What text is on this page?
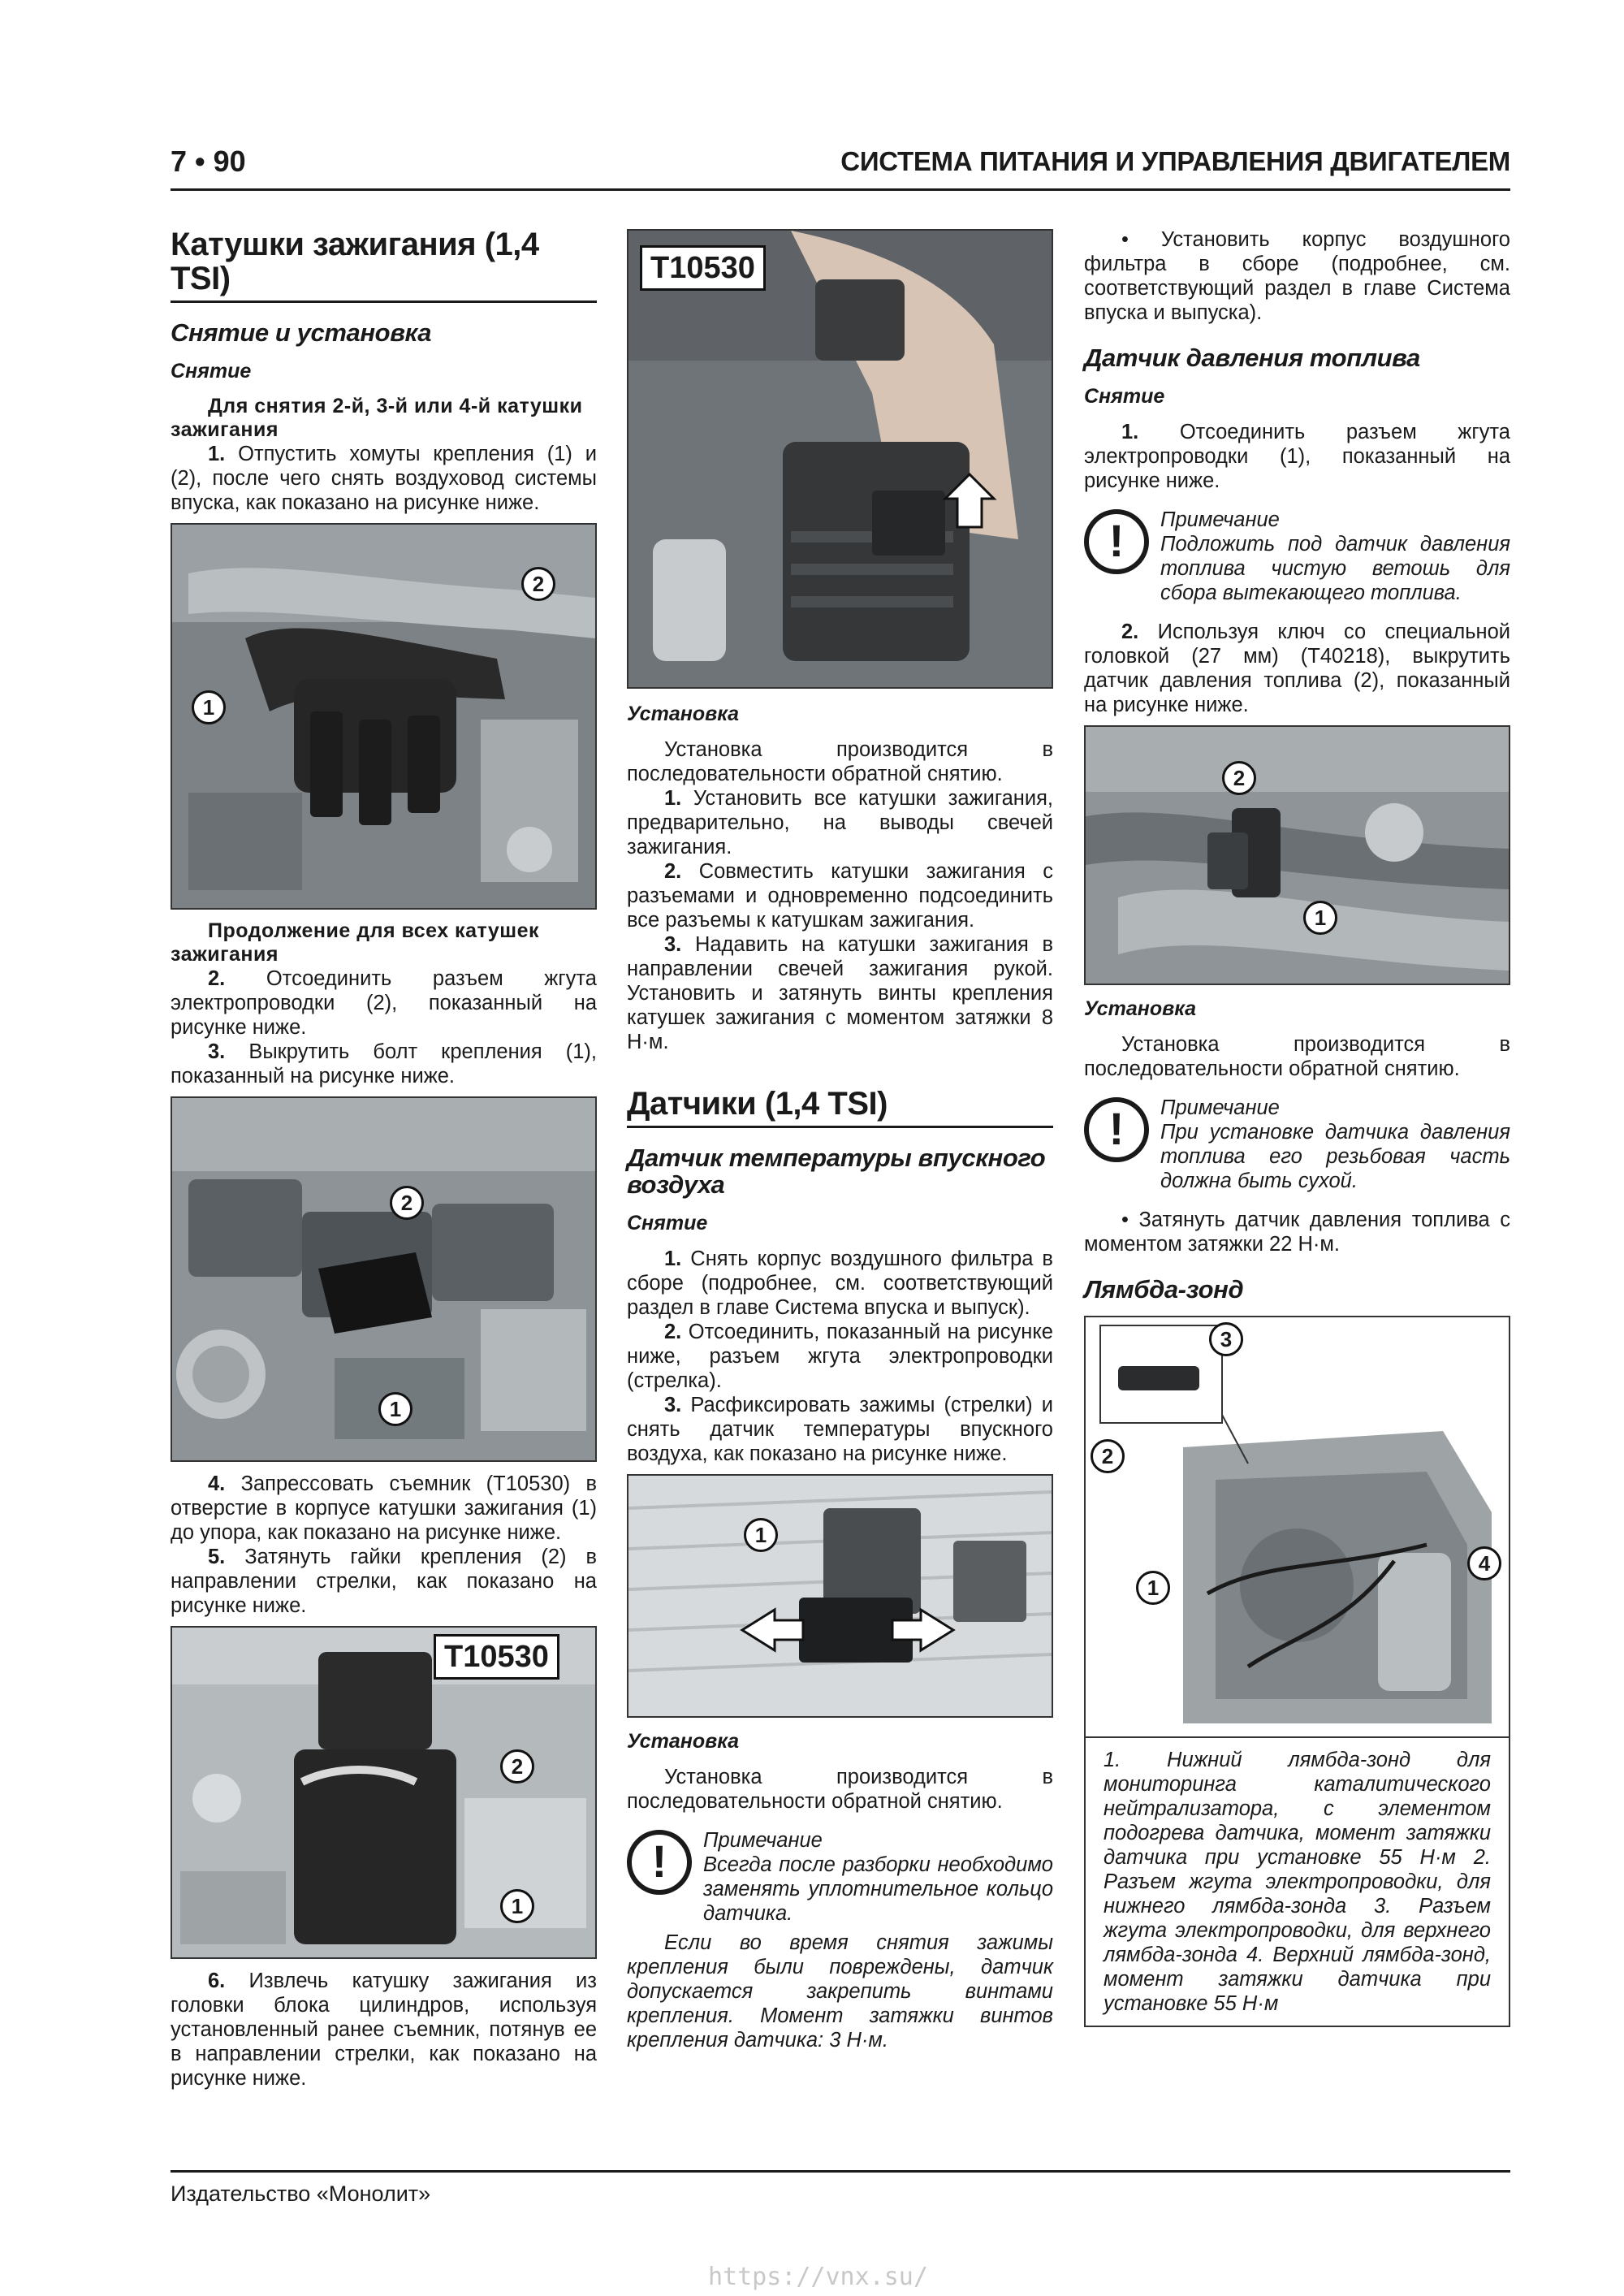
7 • 90	СИСТЕМА ПИТАНИЯ И УПРАВЛЕНИЯ ДВИГАТЕЛЕМ
Катушки зажигания (1,4 TSI)
Снятие и установка
Снятие
Для снятия 2-й, 3-й или 4-й катушки зажигания

1. Отпустить хомуты крепления (1) и (2), после чего снять воздуховод системы впуска, как показано на рисунке ниже.

1
2
Продолжение для всех катушек зажигания

2. Отсоединить разъем жгута электропроводки (2), показанный на рисунке ниже.

3. Выкрутить болт крепления (1), показанный на рисунке ниже.

2
1

4. Запрессовать съемник (T10530) в отверстие в корпусе катушки зажигания (1) до упора, как показано на рисунке ниже.

5. Затянуть гайки крепления (2) в направлении стрелки, как показано на рисунке ниже.

T10530
2
1

6. Извлечь катушку зажигания из головки блока цилиндров, используя установленный ранее съемник, потянув ее в направлении стрелки, как показано на рисунке ниже.

T10530
Установка

Установка производится в последовательности обратной снятию.

1. Установить все катушки зажигания, предварительно, на выводы свечей зажигания.

2. Совместить катушки зажигания с разъемами и одновременно подсоединить все разъемы к катушкам зажигания.

3. Надавить на катушки зажигания в направлении свечей зажигания рукой. Установить и затянуть винты крепления катушек зажигания с моментом затяжки 8 Н·м.

Датчики (1,4 TSI)
Датчик температуры впускного воздуха
Снятие

1. Снять корпус воздушного фильтра в сборе (подробнее, см. соответствующий раздел в главе Система впуска и выпуск).

2. Отсоединить, показанный на рисунке ниже, разъем жгута электропроводки (стрелка).

3. Расфиксировать зажимы (стрелки) и снять датчик температуры впускного воздуха, как показано на рисунке ниже.

1
Установка

Установка производится в последовательности обратной снятию.

!	Примечание
Всегда после разборки необходимо заменять уплотнительное кольцо датчика.

Если во время снятия зажимы крепления были повреждены, датчик допускается закрепить винтами крепления. Момент затяжки винтов крепления датчика: 3 Н·м.

• Установить корпус воздушного фильтра в сборе (подробнее, см. соответствующий раздел в главе Система впуска и выпуска).

Датчик давления топлива
Снятие

1. Отсоединить разъем жгута электропроводки (1), показанный на рисунке ниже.

!	Примечание
Подложить под датчик давления топлива чистую ветошь для сбора вытекающего топлива.

2. Используя ключ со специальной головкой (27 мм) (T40218), выкрутить датчик давления топлива (2), показанный на рисунке ниже.

2
1
Установка

Установка производится в последовательности обратной снятию.

!	Примечание
При установке датчика давления топлива его резьбовая часть должна быть сухой.

• Затянуть датчик давления топлива с моментом затяжки 22 Н·м.

Лямбда-зонд
3
2
1
4
1. Нижний лямбда-зонд для мониторинга каталитического нейтрализатора, с элементом подогрева датчика, момент затяжки датчика при установке 55 Н·м 2. Разъем жгута электропроводки, для нижнего лямбда-зонда 3. Разъем жгута электропроводки, для верхнего лямбда-зонда 4. Верхний лямбда-зонд, момент затяжки датчика при установке 55 Н·м
Издательство «Монолит»
https://vnx.su/
